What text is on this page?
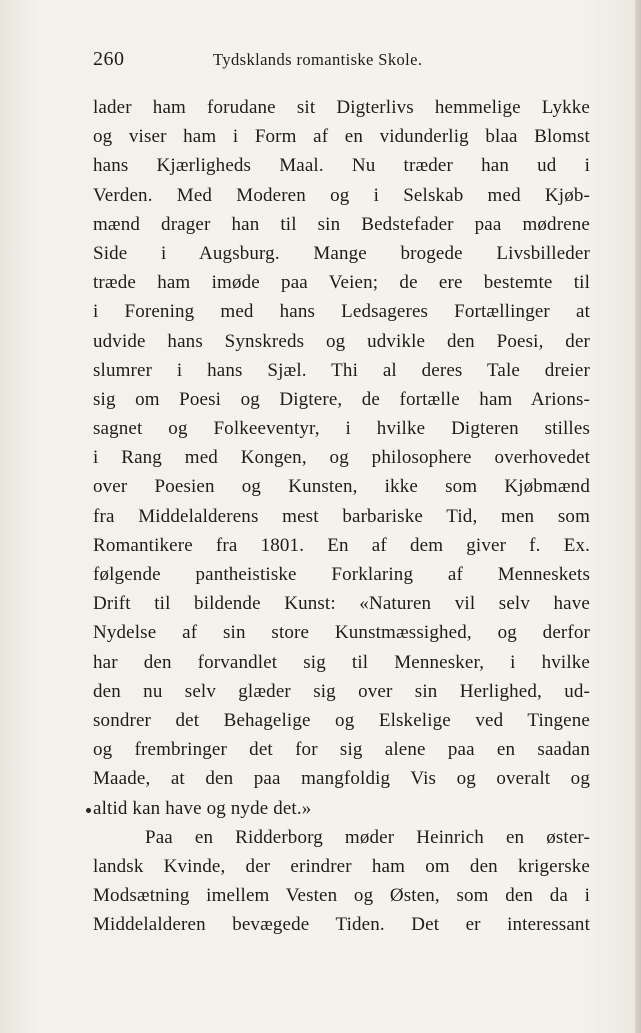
260	Tydsklands romantiske Skole.
lader ham forudane sit Digterlivs hemmelige Lykke
og viser ham i Form af en vidunderlig blaa Blomst
hans Kjærligheds Maal. Nu træder han ud i
Verden. Med Moderen og i Selskab med Kjøb-
mænd drager han til sin Bedstefader paa mødrene
Side i Augsburg. Mange brogede Livsbilleder
træde ham imøde paa Veien; de ere bestemte til
i Forening med hans Ledsageres Fortællinger at
udvide hans Synskreds og udvikle den Poesi, der
slumrer i hans Sjæl. Thi al deres Tale dreier
sig om Poesi og Digtere, de fortælle ham Arions-
sagnet og Folkeeventyr, i hvilke Digteren stilles
i Rang med Kongen, og philosophere overhovedet
over Poesien og Kunsten, ikke som Kjøbmænd
fra Middelalderens mest barbariske Tid, men som
Romantikere fra 1801. En af dem giver f. Ex.
følgende pantheistiske Forklaring af Menneskets
Drift til bildende Kunst: «Naturen vil selv have
Nydelse af sin store Kunstmæssighed, og derfor
har den forvandlet sig til Mennesker, i hvilke
den nu selv glæder sig over sin Herlighed, ud-
sondrer det Behagelige og Elskelige ved Tingene
og frembringer det for sig alene paa en saadan
Maade, at den paa mangfoldig Vis og overalt og
altid kan have og nyde det.»
Paa en Ridderborg møder Heinrich en øster-
landsk Kvinde, der erindrer ham om den krigerske
Modsætning imellem Vesten og Østen, som den da i
Middelalderen bevægede Tiden. Det er interessant
